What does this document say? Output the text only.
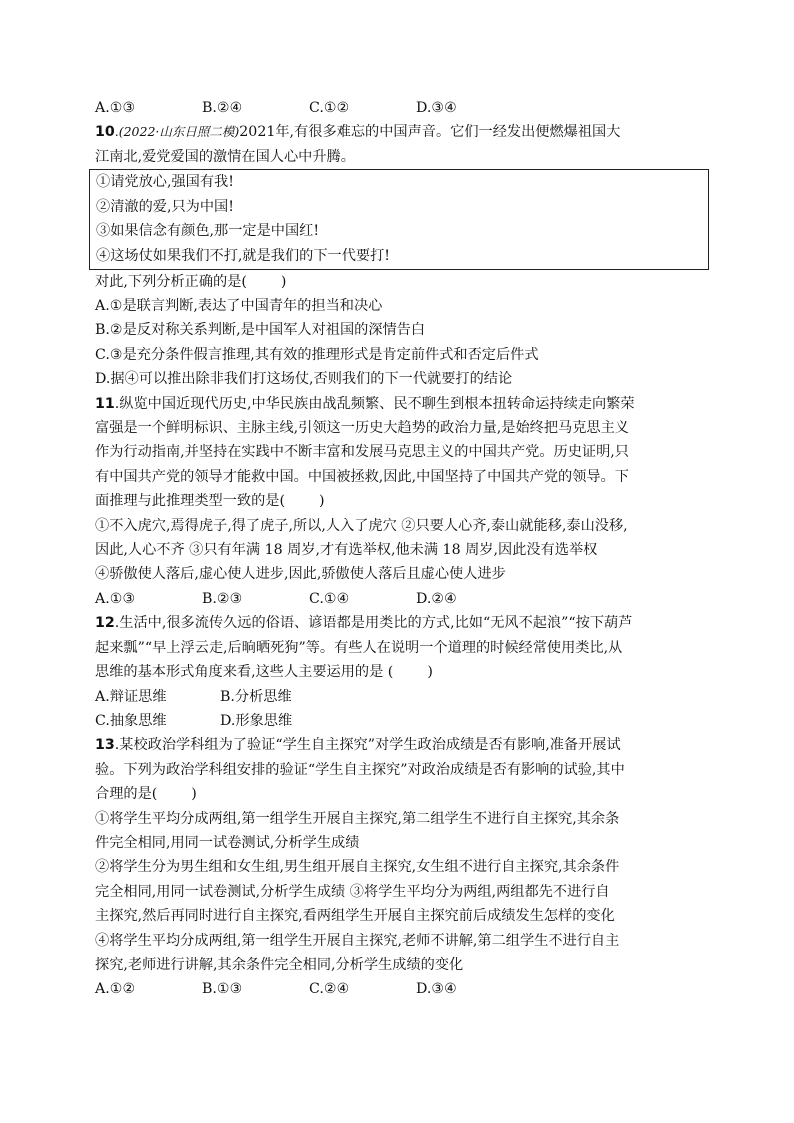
A.①③	B.②④	C.①②	D.③④
10.(2022·山东日照二模)2021年,有很多难忘的中国声音。它们一经发出便燃爆祖国大
江南北,爱党爱国的激情在国人心中升腾。
①请党放心,强国有我!
②清澈的爱,只为中国!
③如果信念有颜色,那一定是中国红!
④这场仗如果我们不打,就是我们的下一代要打!
对此,下列分析正确的是( )
A.①是联言判断,表达了中国青年的担当和决心
B.②是反对称关系判断,是中国军人对祖国的深情告白
C.③是充分条件假言推理,其有效的推理形式是肯定前件式和否定后件式
D.据④可以推出除非我们打这场仗,否则我们的下一代就要打的结论
11.纵览中国近现代历史,中华民族由战乱频繁、民不聊生到根本扭转命运持续走向繁荣
富强是一个鲜明标识、主脉主线,引领这一历史大趋势的政治力量,是始终把马克思主义
作为行动指南,并坚持在实践中不断丰富和发展马克思主义的中国共产党。历史证明,只
有中国共产党的领导才能救中国。中国被拯救,因此,中国坚持了中国共产党的领导。下
面推理与此推理类型一致的是( )
①不入虎穴,焉得虎子,得了虎子,所以,人入了虎穴 ②只要人心齐,泰山就能移,泰山没移,
因此,人心不齐 ③只有年满 18 周岁,才有选举权,他未满 18 周岁,因此没有选举权
④骄傲使人落后,虚心使人进步,因此,骄傲使人落后且虚心使人进步
A.①③	B.②③	C.①④	D.②④
12.生活中,很多流传久远的俗语、谚语都是用类比的方式,比如“无风不起浪”“按下葫芦
起来瓢”“早上浮云走,后晌晒死狗”等。有些人在说明一个道理的时候经常使用类比,从
思维的基本形式角度来看,这些人主要运用的是 ( )
A.辩证思维	B.分析思维
C.抽象思维	D.形象思维
13.某校政治学科组为了验证“学生自主探究”对学生政治成绩是否有影响,准备开展试
验。下列为政治学科组安排的验证“学生自主探究”对政治成绩是否有影响的试验,其中
合理的是( )
①将学生平均分成两组,第一组学生开展自主探究,第二组学生不进行自主探究,其余条
件完全相同,用同一试卷测试,分析学生成绩
②将学生分为男生组和女生组,男生组开展自主探究,女生组不进行自主探究,其余条件
完全相同,用同一试卷测试,分析学生成绩 ③将学生平均分为两组,两组都先不进行自
主探究,然后再同时进行自主探究,看两组学生开展自主探究前后成绩发生怎样的变化
④将学生平均分成两组,第一组学生开展自主探究,老师不讲解,第二组学生不进行自主
探究,老师进行讲解,其余条件完全相同,分析学生成绩的变化
A.①②	B.①③	C.②④	D.③④
